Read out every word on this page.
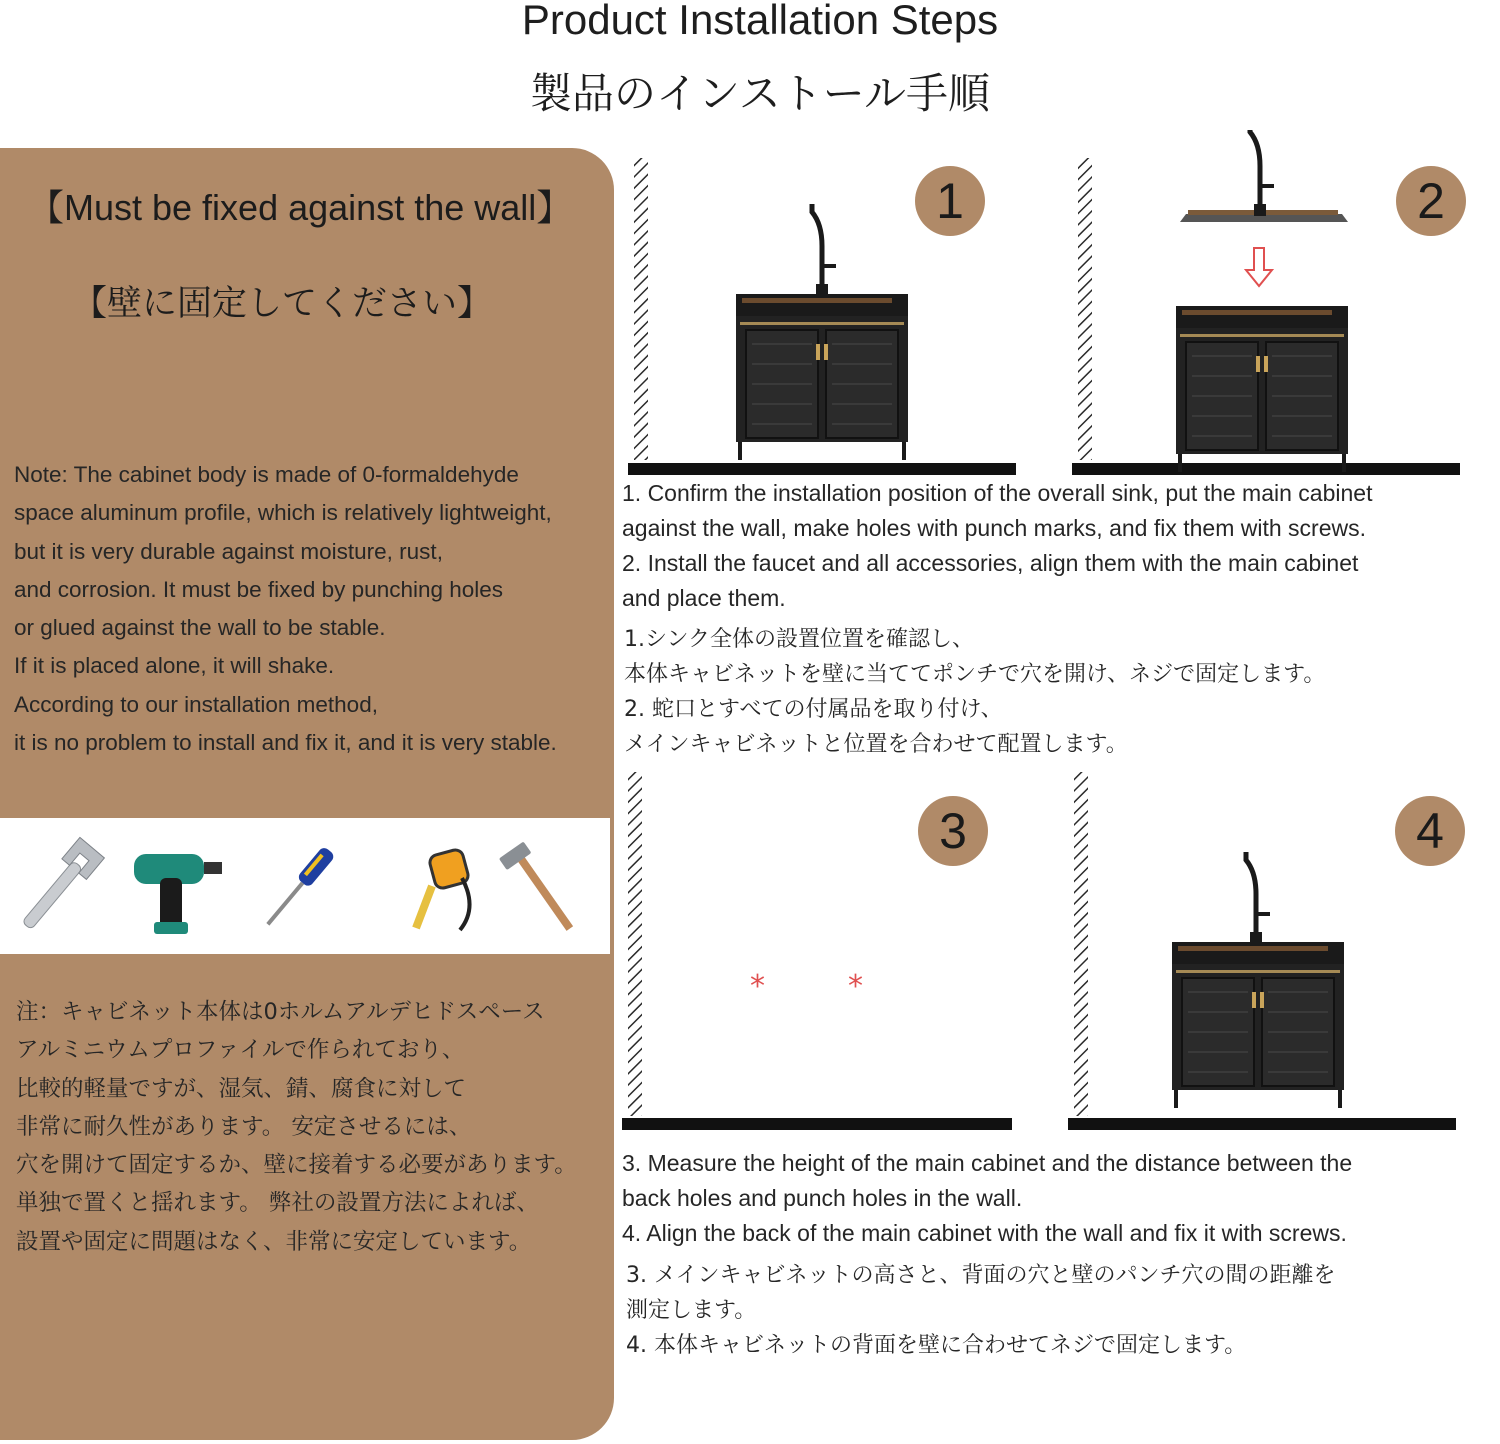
Product Installation Steps
製品のインストール手順
【Must be fixed against the wall】
【壁に固定してください】
Note: The cabinet body is made of 0-formaldehyde
space aluminum profile, which is relatively lightweight,
but it is very durable against moisture, rust,
and corrosion. It must be fixed by punching holes
or glued against the wall to be stable.
If it is placed alone, it will shake.
According to our installation method,
it is no problem to install and fix it, and it is very stable.
注：キャビネット本体は0ホルムアルデヒドスペース
アルミニウムプロファイルで作られており、
比較的軽量ですが、湿気、錆、腐食に対して
非常に耐久性があります。 安定させるには、
穴を開けて固定するか、壁に接着する必要があります。
単独で置くと揺れます。 弊社の設置方法によれば、
設置や固定に問題はなく、非常に安定しています。
1	2
1. Confirm the installation position of the overall sink, put the main cabinet
against the wall, make holes with punch marks, and fix them with screws.
2. Install the faucet and all accessories, align them with the main cabinet
and place them.
1.シンク全体の設置位置を確認し、
本体キャビネットを壁に当ててポンチで穴を開け、ネジで固定します。
2. 蛇口とすべての付属品を取り付け、
メインキャビネットと位置を合わせて配置します。
*	*
3	4
3. Measure the height of the main cabinet and the distance between the
back holes and punch holes in the wall.
4. Align the back of the main cabinet with the wall and fix it with screws.
3. メインキャビネットの高さと、背面の穴と壁のパンチ穴の間の距離を
測定します。
4. 本体キャビネットの背面を壁に合わせてネジで固定します。
